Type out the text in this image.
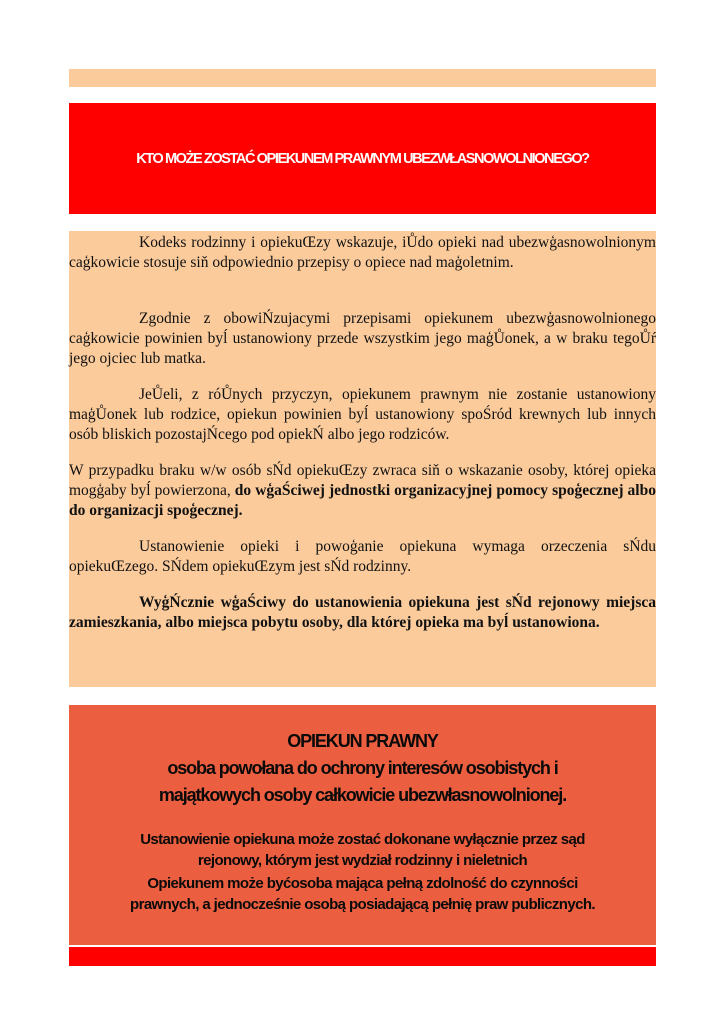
KTO MOŻE ZOSTAĆ OPIEKUNEM PRAWNYM UBEZWŁASNOWOLNIONEGO?

Kodeks rodzinny i opiekuŒzy wskazuje, iŮdo opieki nad ubezwģasnowolnionym caģkowicie stosuje siň odpowiednio przepisy o opiece nad maģoletnim.

Zgodnie z obowiŃzujacymi przepisami opiekunem ubezwģasnowolnionego caģkowicie powinien byĺ ustanowiony przede wszystkim jego maģŮonek, a w braku tegoŮŕ jego ojciec lub matka.

JeŮeli, z róŮnych przyczyn, opiekunem prawnym nie zostanie ustanowiony maģŮonek lub rodzice, opiekun powinien byĺ ustanowiony spoŚród krewnych lub innych osób bliskich pozostajŃcego pod opiekŃ albo jego rodziców.

W przypadku braku w/w osób sŃd opiekuŒzy zwraca siň o wskazanie osoby, której opieka mogģaby byĺ powierzona, do wģaŚciwej jednostki organizacyjnej pomocy spoģecznej albo do organizacji spoģecznej.

Ustanowienie opieki i powoģanie opiekuna wymaga orzeczenia sŃdu opiekuŒzego. SŃdem opiekuŒzym jest sŃd rodzinny.

WyģŃcznie wģaŚciwy do ustanowienia opiekuna jest sŃd rejonowy miejsca zamieszkania, albo miejsca pobytu osoby, dla której opieka ma byĺ ustanowiona.

OPIEKUN PRAWNY
osoba powołana do ochrony interesów osobistych i
majątkowych osoby całkowicie ubezwłasnowolnionej.
Ustanowienie opiekuna może zostać dokonane wyłącznie przez sąd
rejonowy, którym jest wydział rodzinny i nieletnich
Opiekunem może byćosoba mająca pełną zdolność do czynności
prawnych, a jednocześnie osobą posiadającą pełnię praw publicznych.
